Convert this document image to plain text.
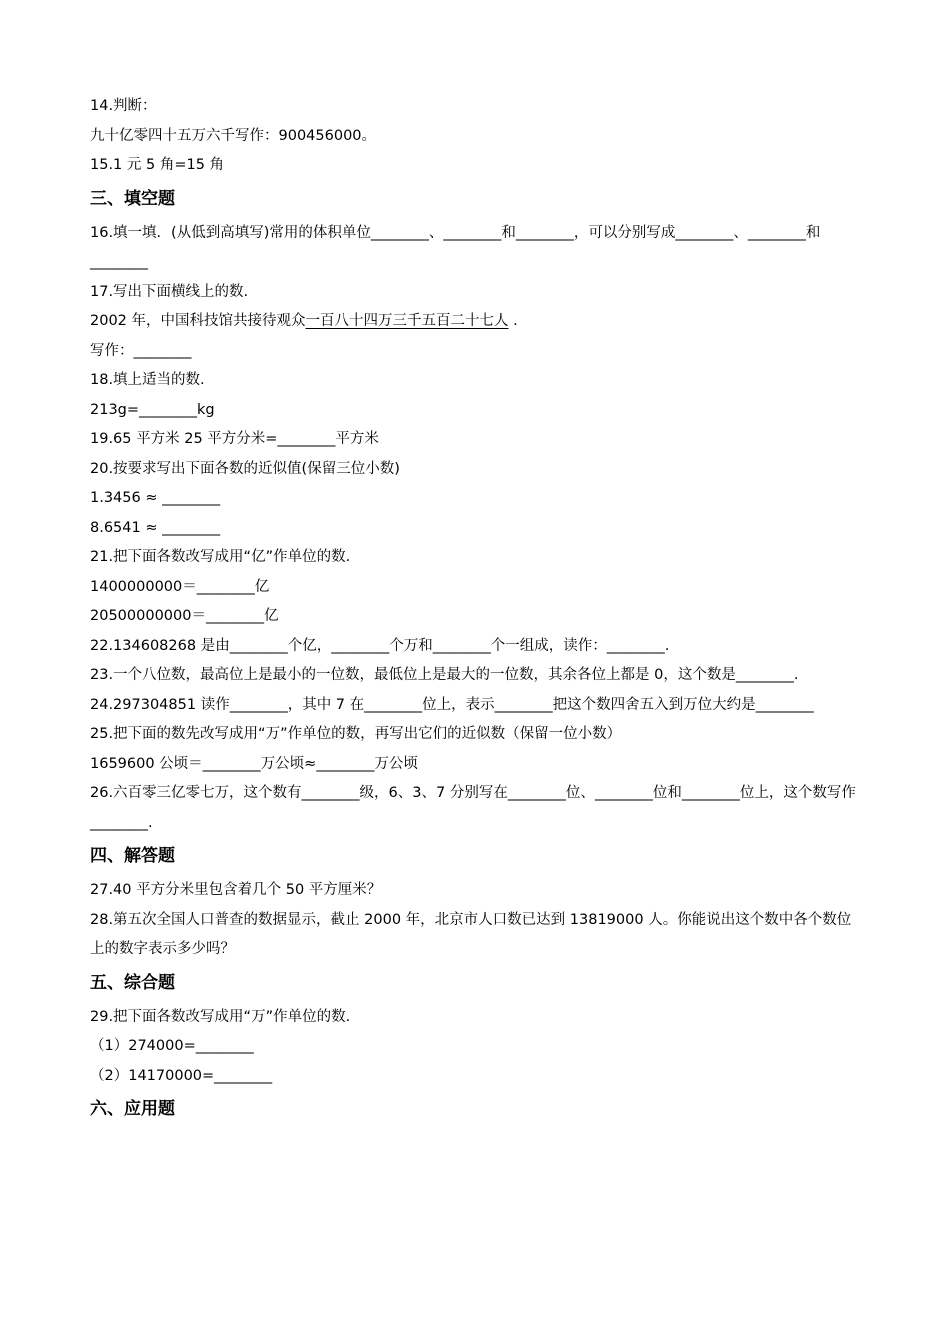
14.判断：
九十亿零四十五万六千写作：900456000。
15.1 元 5 角=15 角
三、填空题
16.填一填．(从低到高填写)常用的体积单位________、________和________，可以分别写成________、________和________
17.写出下面横线上的数.
2002 年，中国科技馆共接待观众一百八十四万三千五百二十七人 .
写作：________
18.填上适当的数.
213g=________kg
19.65 平方米 25 平方分米=________平方米
20.按要求写出下面各数的近似值(保留三位小数)
1.3456 ≈ ________
8.6541 ≈ ________
21.把下面各数改写成用“亿”作单位的数.
1400000000＝________亿
20500000000＝________亿
22.134608268 是由________个亿，________个万和________个一组成，读作：________.
23.一个八位数，最高位上是最小的一位数，最低位上是最大的一位数，其余各位上都是 0，这个数是________.
24.297304851 读作________，其中 7 在________位上，表示________把这个数四舍五入到万位大约是________
25.把下面的数先改写成用“万”作单位的数，再写出它们的近似数（保留一位小数）
1659600 公顷＝________万公顷≈________万公顷
26.六百零三亿零七万，这个数有________级，6、3、7 分别写在________位、________位和________位上，这个数写作________.
四、解答题
27.40 平方分米里包含着几个 50 平方厘米？
28.第五次全国人口普查的数据显示，截止 2000 年，北京市人口数已达到 13819000 人。你能说出这个数中各个数位上的数字表示多少吗？
五、综合题
29.把下面各数改写成用“万”作单位的数.
（1）274000=________
（2）14170000=________
六、应用题
